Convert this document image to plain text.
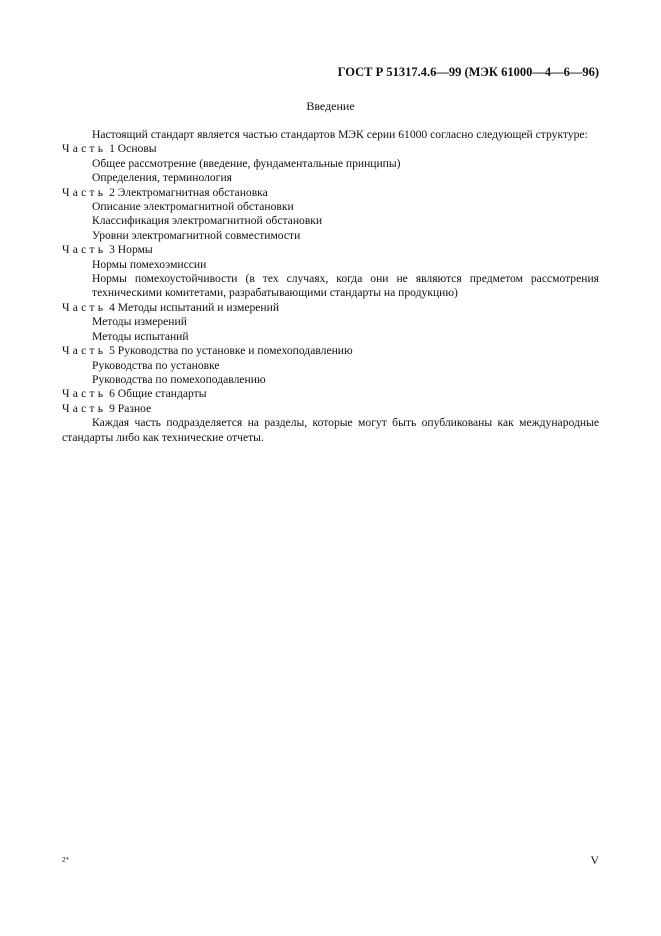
ГОСТ Р 51317.4.6—99 (МЭК 61000—4—6—96)
Введение

Настоящий стандарт является частью стандартов МЭК серии 61000 согласно следующей структуре:

Часть 1 Основы

Общее рассмотрение (введение, фундаментальные принципы)

Определения, терминология

Часть 2 Электромагнитная обстановка

Описание электромагнитной обстановки

Классификация электромагнитной обстановки

Уровни электромагнитной совместимости

Часть 3 Нормы

Нормы помехоэмиссии

Нормы помехоустойчивости (в тех случаях, когда они не являются предметом рассмотрения техническими комитетами, разрабатывающими стандарты на продукцию)

Часть 4 Методы испытаний и измерений

Методы измерений

Методы испытаний

Часть 5 Руководства по установке и помехоподавлению

Руководства по установке

Руководства по помехоподавлению

Часть 6 Общие стандарты

Часть 9 Разное

Каждая часть подразделяется на разделы, которые могут быть опубликованы как международные стандарты либо как технические отчеты.

2*	V
